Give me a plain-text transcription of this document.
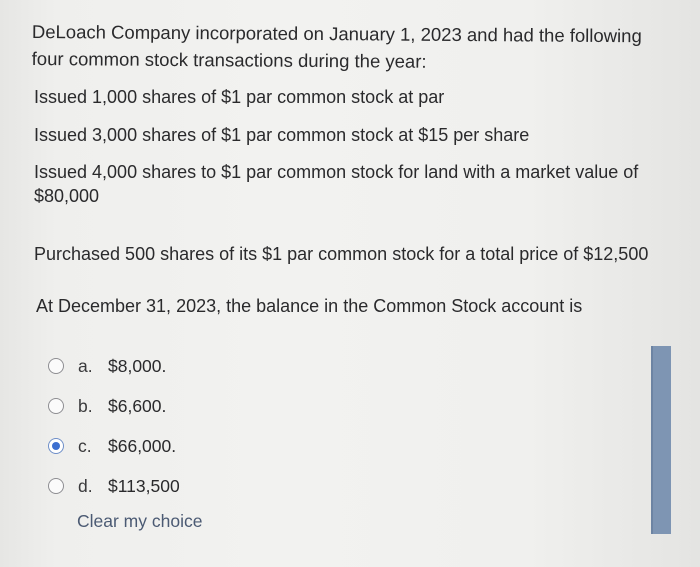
DeLoach Company incorporated on January 1, 2023 and had the following four common stock transactions during the year:

Issued 1,000 shares of $1 par common stock at par
Issued 3,000 shares of $1 par common stock at $15 per share
Issued 4,000 shares to $1 par common stock for land with a market value of $80,000
Purchased 500 shares of its $1 par common stock for a total price of $12,500

At December 31, 2023, the balance in the Common Stock account is

a. $8,000.
b. $6,600.
c. $66,000.
d. $113,500
Clear my choice
